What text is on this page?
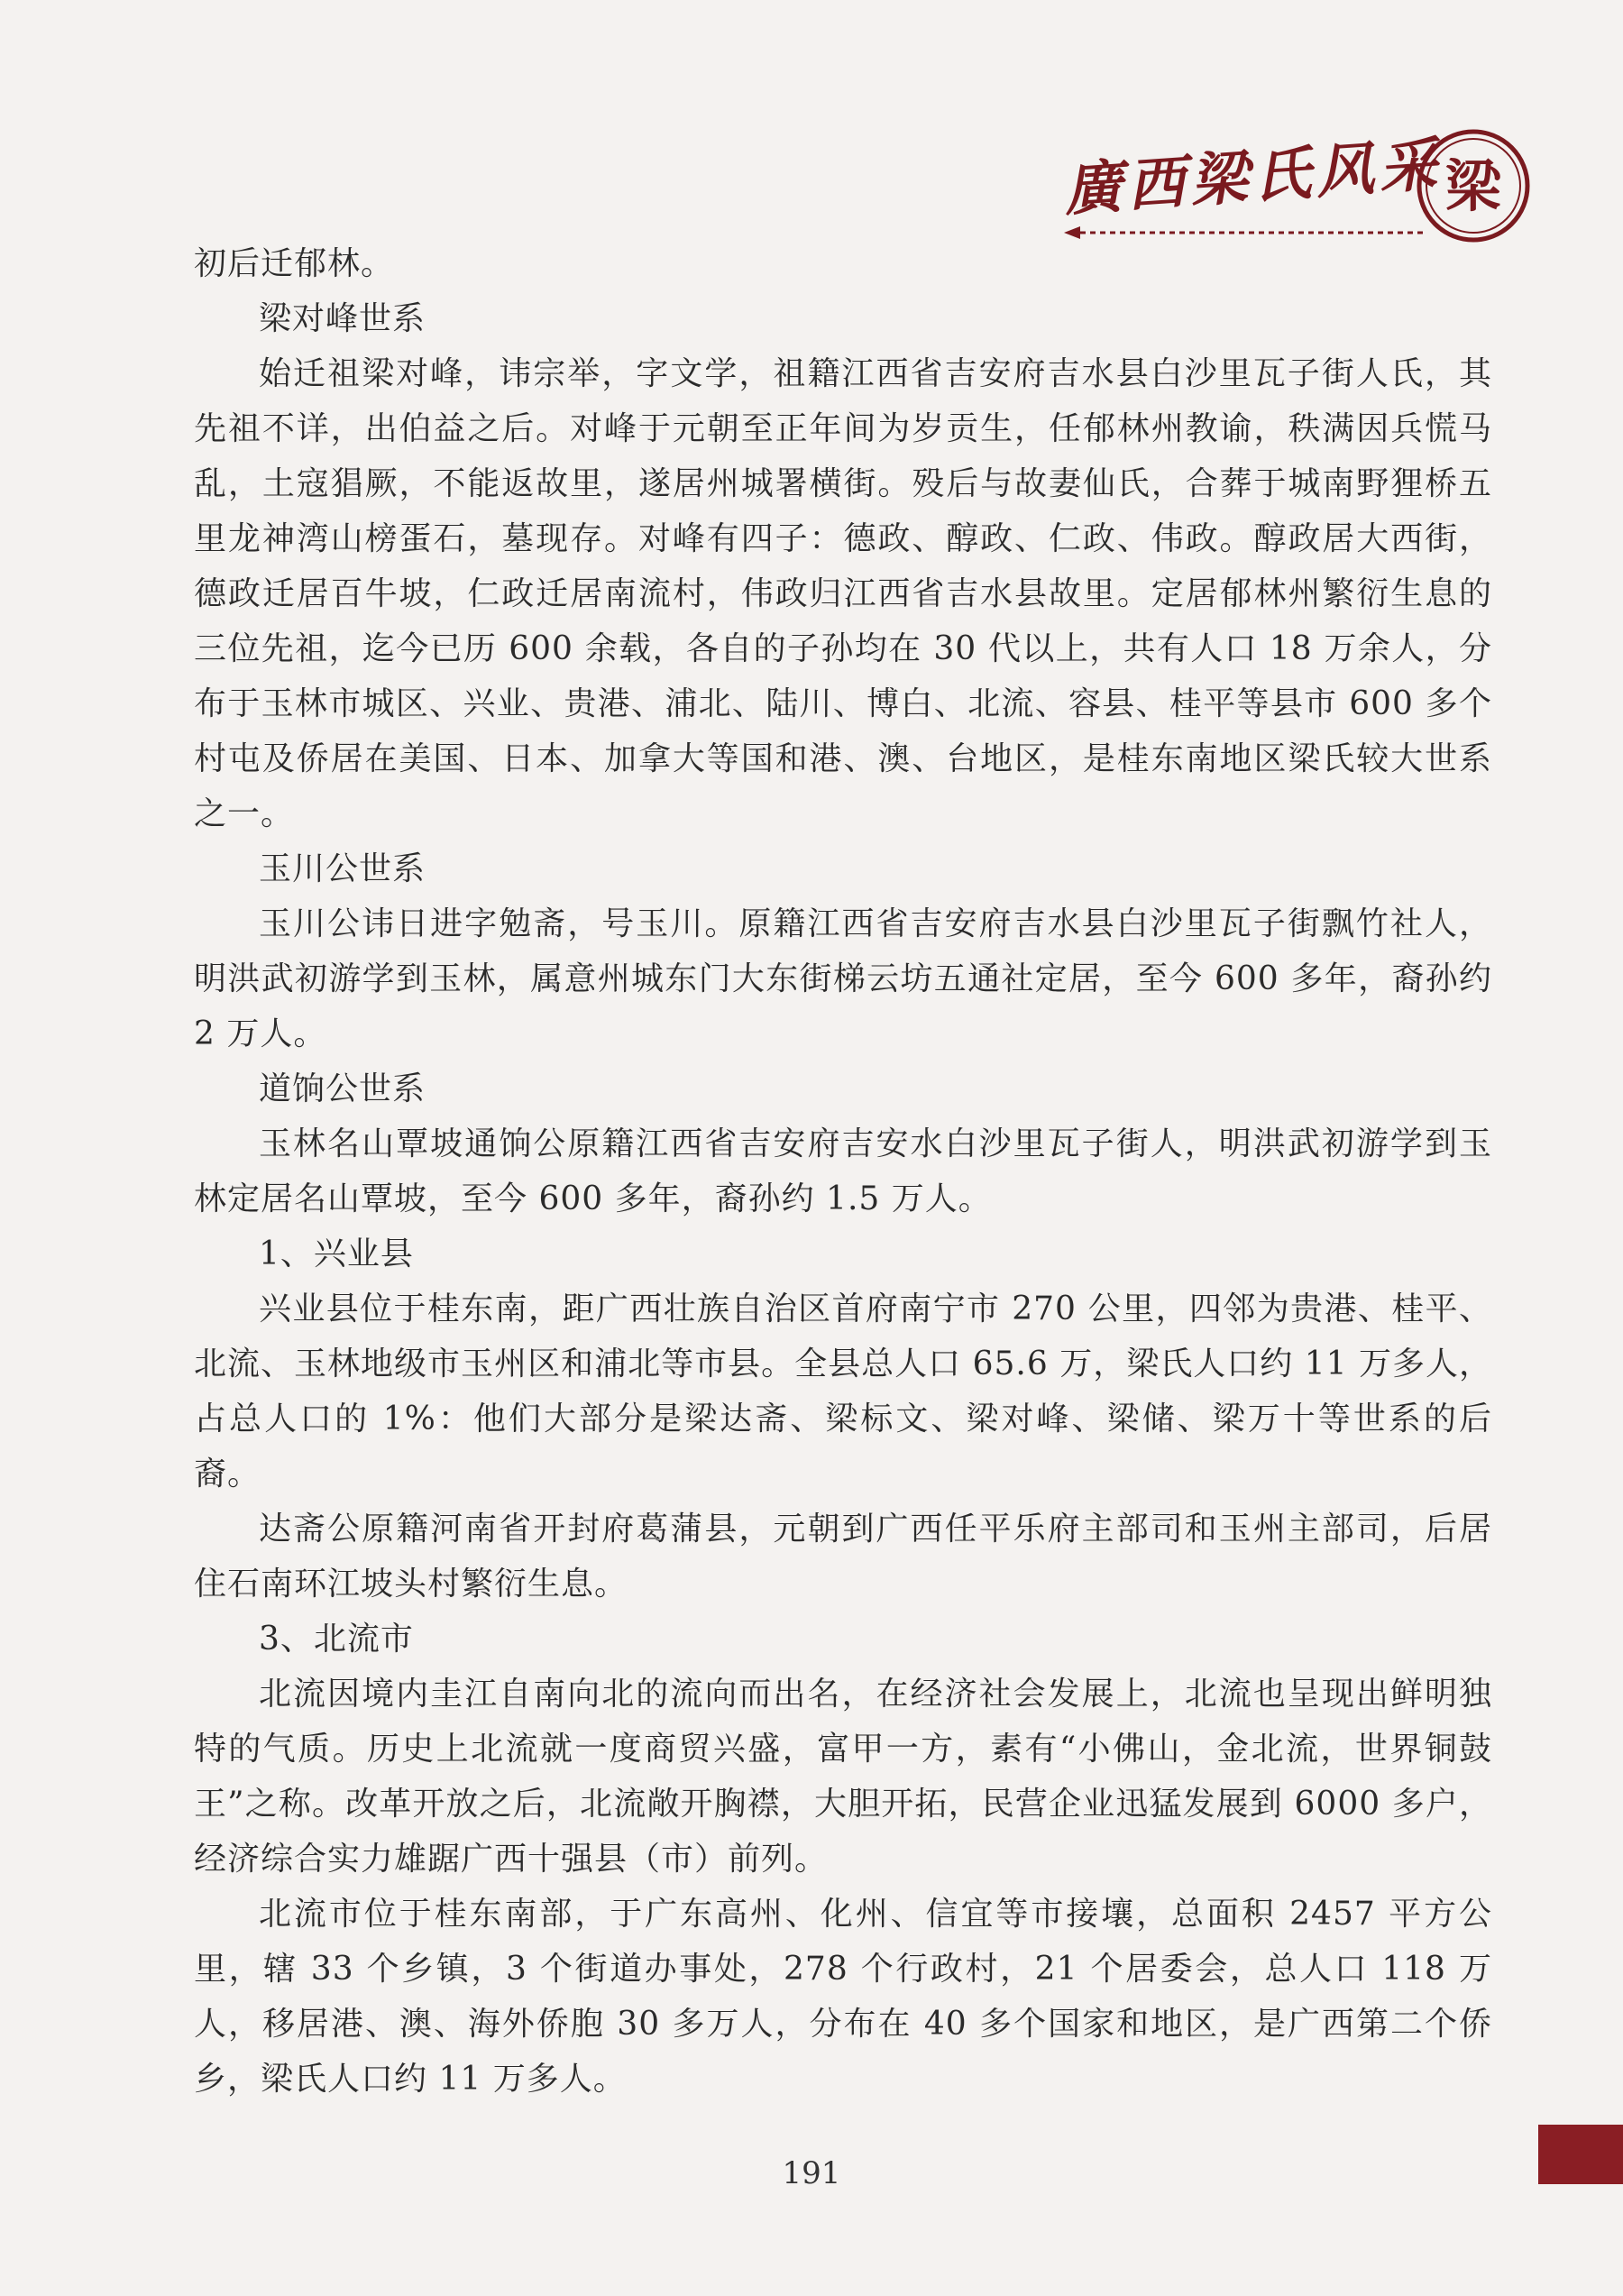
廣西梁氏风采 梁

初后迁郁林。

梁对峰世系

始迁祖梁对峰，讳宗举，字文学，祖籍江西省吉安府吉水县白沙里瓦子街人氏，其先祖不详，出伯益之后。对峰于元朝至正年间为岁贡生，任郁林州教谕，秩满因兵慌马乱，土寇猖厥，不能返故里，遂居州城署横街。殁后与故妻仙氏，合葬于城南野狸桥五里龙神湾山榜蛋石，墓现存。对峰有四子：德政、醇政、仁政、伟政。醇政居大西街，德政迁居百牛坡，仁政迁居南流村，伟政归江西省吉水县故里。定居郁林州繁衍生息的三位先祖，迄今已历 600 余载，各自的子孙均在 30 代以上，共有人口 18 万余人，分布于玉林市城区、兴业、贵港、浦北、陆川、博白、北流、容县、桂平等县市 600 多个村屯及侨居在美国、日本、加拿大等国和港、澳、台地区，是桂东南地区梁氏较大世系之一。

玉川公世系

玉川公讳日进字勉斋，号玉川。原籍江西省吉安府吉水县白沙里瓦子街飘竹社人，明洪武初游学到玉林，属意州城东门大东街梯云坊五通社定居，至今 600 多年，裔孙约 2 万人。

道饷公世系

玉林名山覃坡通饷公原籍江西省吉安府吉安水白沙里瓦子街人，明洪武初游学到玉林定居名山覃坡，至今 600 多年，裔孙约 1.5 万人。

1、兴业县

兴业县位于桂东南，距广西壮族自治区首府南宁市 270 公里，四邻为贵港、桂平、北流、玉林地级市玉州区和浦北等市县。全县总人口 65.6 万，梁氏人口约 11 万多人，占总人口的 1%：他们大部分是梁达斋、梁标文、梁对峰、梁储、梁万十等世系的后裔。

达斋公原籍河南省开封府葛蒲县，元朝到广西任平乐府主部司和玉州主部司，后居住石南环江坡头村繁衍生息。

3、北流市

北流因境内圭江自南向北的流向而出名，在经济社会发展上，北流也呈现出鲜明独特的气质。历史上北流就一度商贸兴盛，富甲一方，素有“小佛山，金北流，世界铜鼓王”之称。改革开放之后，北流敞开胸襟，大胆开拓，民营企业迅猛发展到 6000 多户，经济综合实力雄踞广西十强县（市）前列。

北流市位于桂东南部，于广东高州、化州、信宜等市接壤，总面积 2457 平方公里，辖 33 个乡镇，3 个街道办事处，278 个行政村，21 个居委会，总人口 118 万人，移居港、澳、海外侨胞 30 多万人，分布在 40 多个国家和地区，是广西第二个侨乡，梁氏人口约 11 万多人。

191
